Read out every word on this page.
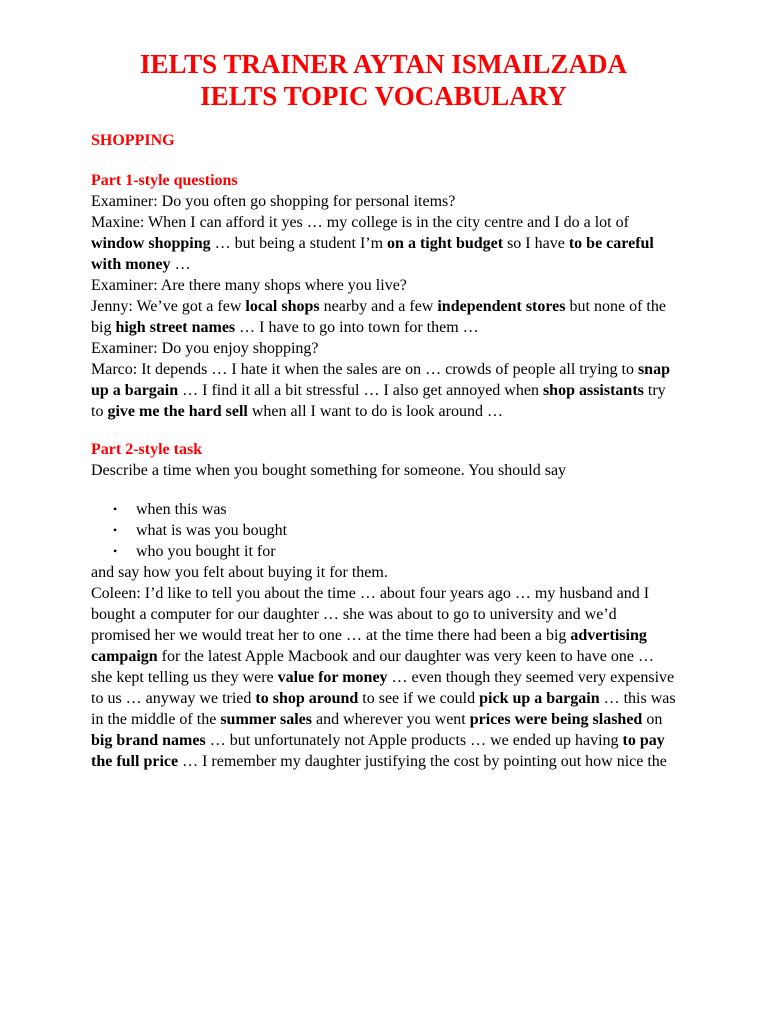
IELTS TRAINER AYTAN ISMAILZADA
IELTS TOPIC VOCABULARY
SHOPPING
Part 1-style questions

Examiner: Do you often go shopping for personal items?
Maxine: When I can afford it yes … my college is in the city centre and I do a lot of window shopping … but being a student I’m on a tight budget so I have to be careful with money …

Examiner: Are there many shops where you live?
Jenny: We’ve got a few local shops nearby and a few independent stores but none of the big high street names … I have to go into town for them …

Examiner: Do you enjoy shopping?
Marco: It depends … I hate it when the sales are on … crowds of people all trying to snap up a bargain … I find it all a bit stressful … I also get annoyed when shop assistants try to give me the hard sell when all I want to do is look around …

Part 2-style task

Describe a time when you bought something for someone. You should say

• when this was
• what is was you bought
• who you bought it for

and say how you felt about buying it for them.

Coleen: I’d like to tell you about the time … about four years ago … my husband and I bought a computer for our daughter … she was about to go to university and we’d promised her we would treat her to one … at the time there had been a big advertising campaign for the latest Apple Macbook and our daughter was very keen to have one … she kept telling us they were value for money … even though they seemed very expensive to us … anyway we tried to shop around to see if we could pick up a bargain … this was in the middle of the summer sales and wherever you went prices were being slashed on big brand names … but unfortunately not Apple products … we ended up having to pay the full price … I remember my daughter justifying the cost by pointing out how nice the
